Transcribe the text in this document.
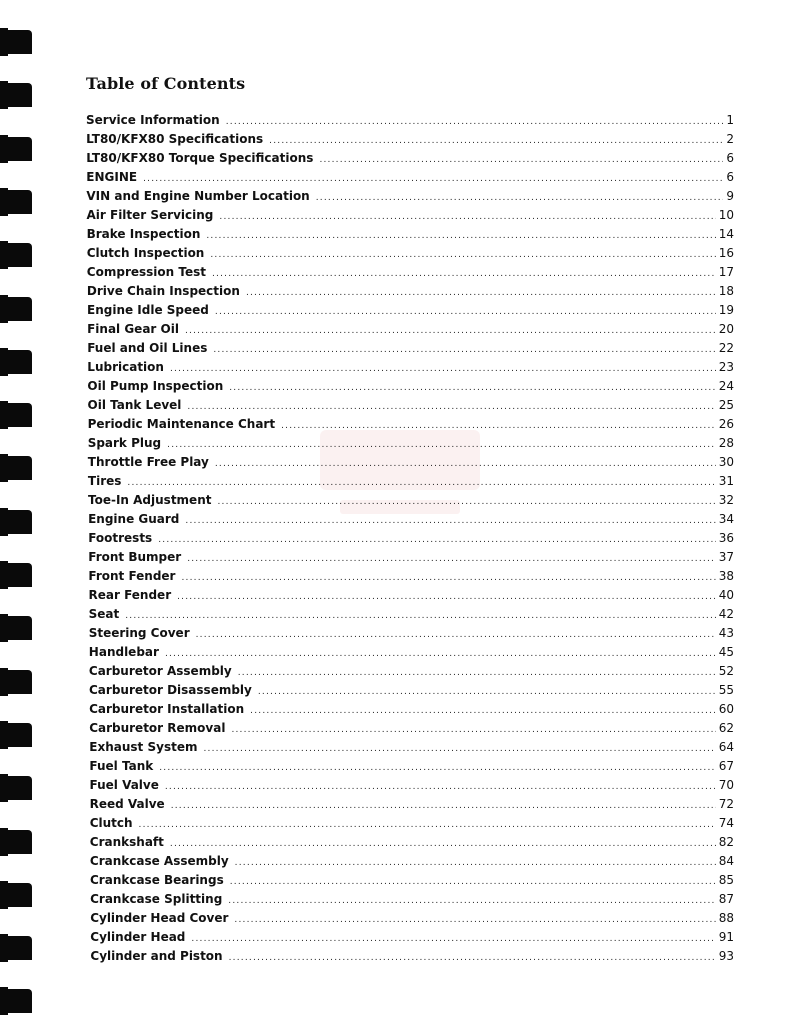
Table of Contents
Service Information .....	1
LT80/KFX80 Specifications .....	2
LT80/KFX80 Torque Specifications .....	6
ENGINE .....	6
VIN and Engine Number Location .....	9
Air Filter Servicing .....	10
Brake Inspection .....	14
Clutch Inspection .....	16
Compression Test .....	17
Drive Chain Inspection .....	18
Engine Idle Speed .....	19
Final Gear Oil .....	20
Fuel and Oil Lines .....	22
Lubrication .....	23
Oil Pump Inspection .....	24
Oil Tank Level .....	25
Periodic Maintenance Chart .....	26
Spark Plug .....	28
Throttle Free Play .....	30
Tires .....	31
Toe-In Adjustment .....	32
Engine Guard .....	34
Footrests .....	36
Front Bumper .....	37
Front Fender .....	38
Rear Fender .....	40
Seat .....	42
Steering Cover .....	43
Handlebar .....	45
Carburetor Assembly .....	52
Carburetor Disassembly .....	55
Carburetor Installation .....	60
Carburetor Removal .....	62
Exhaust System .....	64
Fuel Tank .....	67
Fuel Valve .....	70
Reed Valve .....	72
Clutch .....	74
Crankshaft .....	82
Crankcase Assembly .....	84
Crankcase Bearings .....	85
Crankcase Splitting .....	87
Cylinder Head Cover .....	88
Cylinder Head .....	91
Cylinder and Piston .....	93
